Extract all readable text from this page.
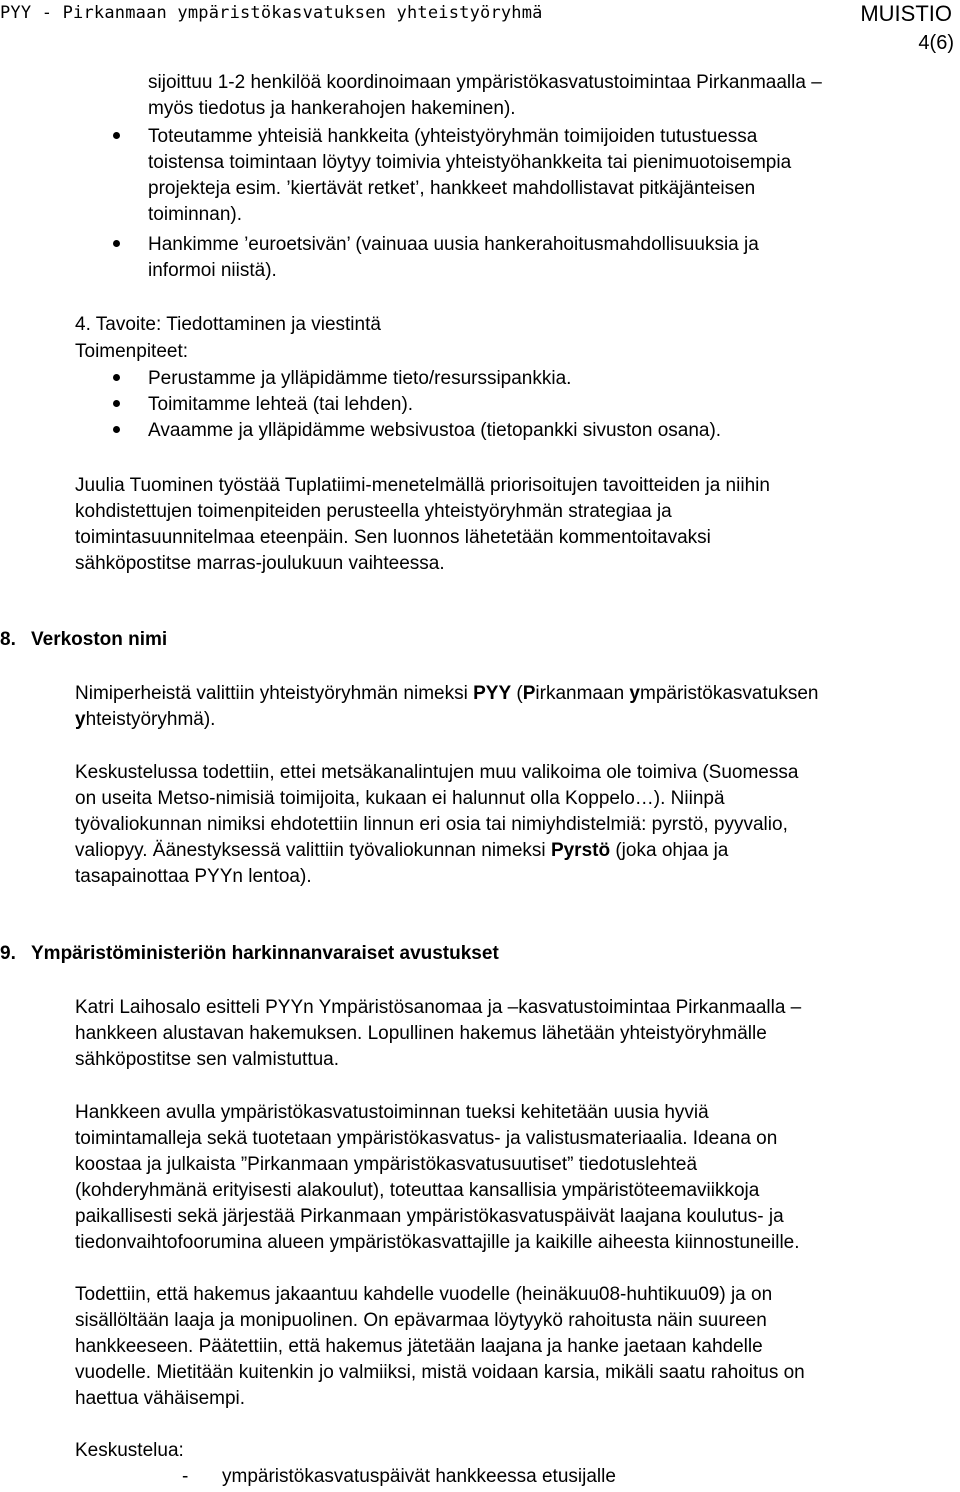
PYY - Pirkanmaan ympäristökasvatuksen yhteistyöryhmä	MUISTIO
4(6)
sijoittuu 1-2 henkilöä koordinoimaan ympäristökasvatustoimintaa Pirkanmaalla –
myös tiedotus ja hankerahojen hakeminen).
Toteutamme yhteisiä hankkeita (yhteistyöryhmän toimijoiden tutustuessa
toistensa toimintaan löytyy toimivia yhteistyöhankkeita tai pienimuotoisempia
projekteja esim. ’kiertävät retket’, hankkeet mahdollistavat pitkäjänteisen
toiminnan).
Hankimme ’euroetsivän’ (vainuaa uusia hankerahoitusmahdollisuuksia ja
informoi niistä).
4. Tavoite: Tiedottaminen ja viestintä
Toimenpiteet:
Perustamme ja ylläpidämme tieto/resurssipankkia.
Toimitamme lehteä (tai lehden).
Avaamme ja ylläpidämme websivustoa (tietopankki sivuston osana).
Juulia Tuominen työstää Tuplatiimi-menetelmällä priorisoitujen tavoitteiden ja niihin
kohdistettujen toimenpiteiden perusteella yhteistyöryhmän strategiaa ja
toimintasuunnitelmaa eteenpäin. Sen luonnos lähetetään kommentoitavaksi
sähköpostitse marras-joulukuun vaihteessa.
8. Verkoston nimi
Nimiperheistä valittiin yhteistyöryhmän nimeksi PYY (Pirkanmaan ympäristökasvatuksen
yhteistyöryhmä).
Keskustelussa todettiin, ettei metsäkanalintujen muu valikoima ole toimiva (Suomessa
on useita Metso-nimisiä toimijoita, kukaan ei halunnut olla Koppelo…). Niinpä
työvaliokunnan nimiksi ehdotettiin linnun eri osia tai nimiyhdistelmiä: pyrstö, pyyvalio,
valiopyy. Äänestyksessä valittiin työvaliokunnan nimeksi Pyrstö (joka ohjaa ja
tasapainottaa PYYn lentoa).
9. Ympäristöministeriön harkinnanvaraiset avustukset
Katri Laihosalo esitteli PYYn Ympäristösanomaa ja –kasvatustoimintaa Pirkanmaalla –
hankkeen alustavan hakemuksen. Lopullinen hakemus lähetään yhteistyöryhmälle
sähköpostitse sen valmistuttua.
Hankkeen avulla ympäristökasvatustoiminnan tueksi kehitetään uusia hyviä
toimintamalleja sekä tuotetaan ympäristökasvatus- ja valistusmateriaalia. Ideana on
koostaa ja julkaista ”Pirkanmaan ympäristökasvatusuutiset” tiedotuslehteä
(kohderyhmänä erityisesti alakoulut), toteuttaa kansallisia ympäristöteemaviikkoja
paikallisesti sekä järjestää Pirkanmaan ympäristökasvatuspäivät laajana koulutus- ja
tiedonvaihtofoorumina alueen ympäristökasvattajille ja kaikille aiheesta kiinnostuneille.
Todettiin, että hakemus jakaantuu kahdelle vuodelle (heinäkuu08-huhtikuu09) ja on
sisällöltään laaja ja monipuolinen. On epävarmaa löytyykö rahoitusta näin suureen
hankkeeseen. Päätettiin, että hakemus jätetään laajana ja hanke jaetaan kahdelle
vuodelle. Mietitään kuitenkin jo valmiiksi, mistä voidaan karsia, mikäli saatu rahoitus on
haettua vähäisempi.
Keskustelua:
- ympäristökasvatuspäivät hankkeessa etusijalle
